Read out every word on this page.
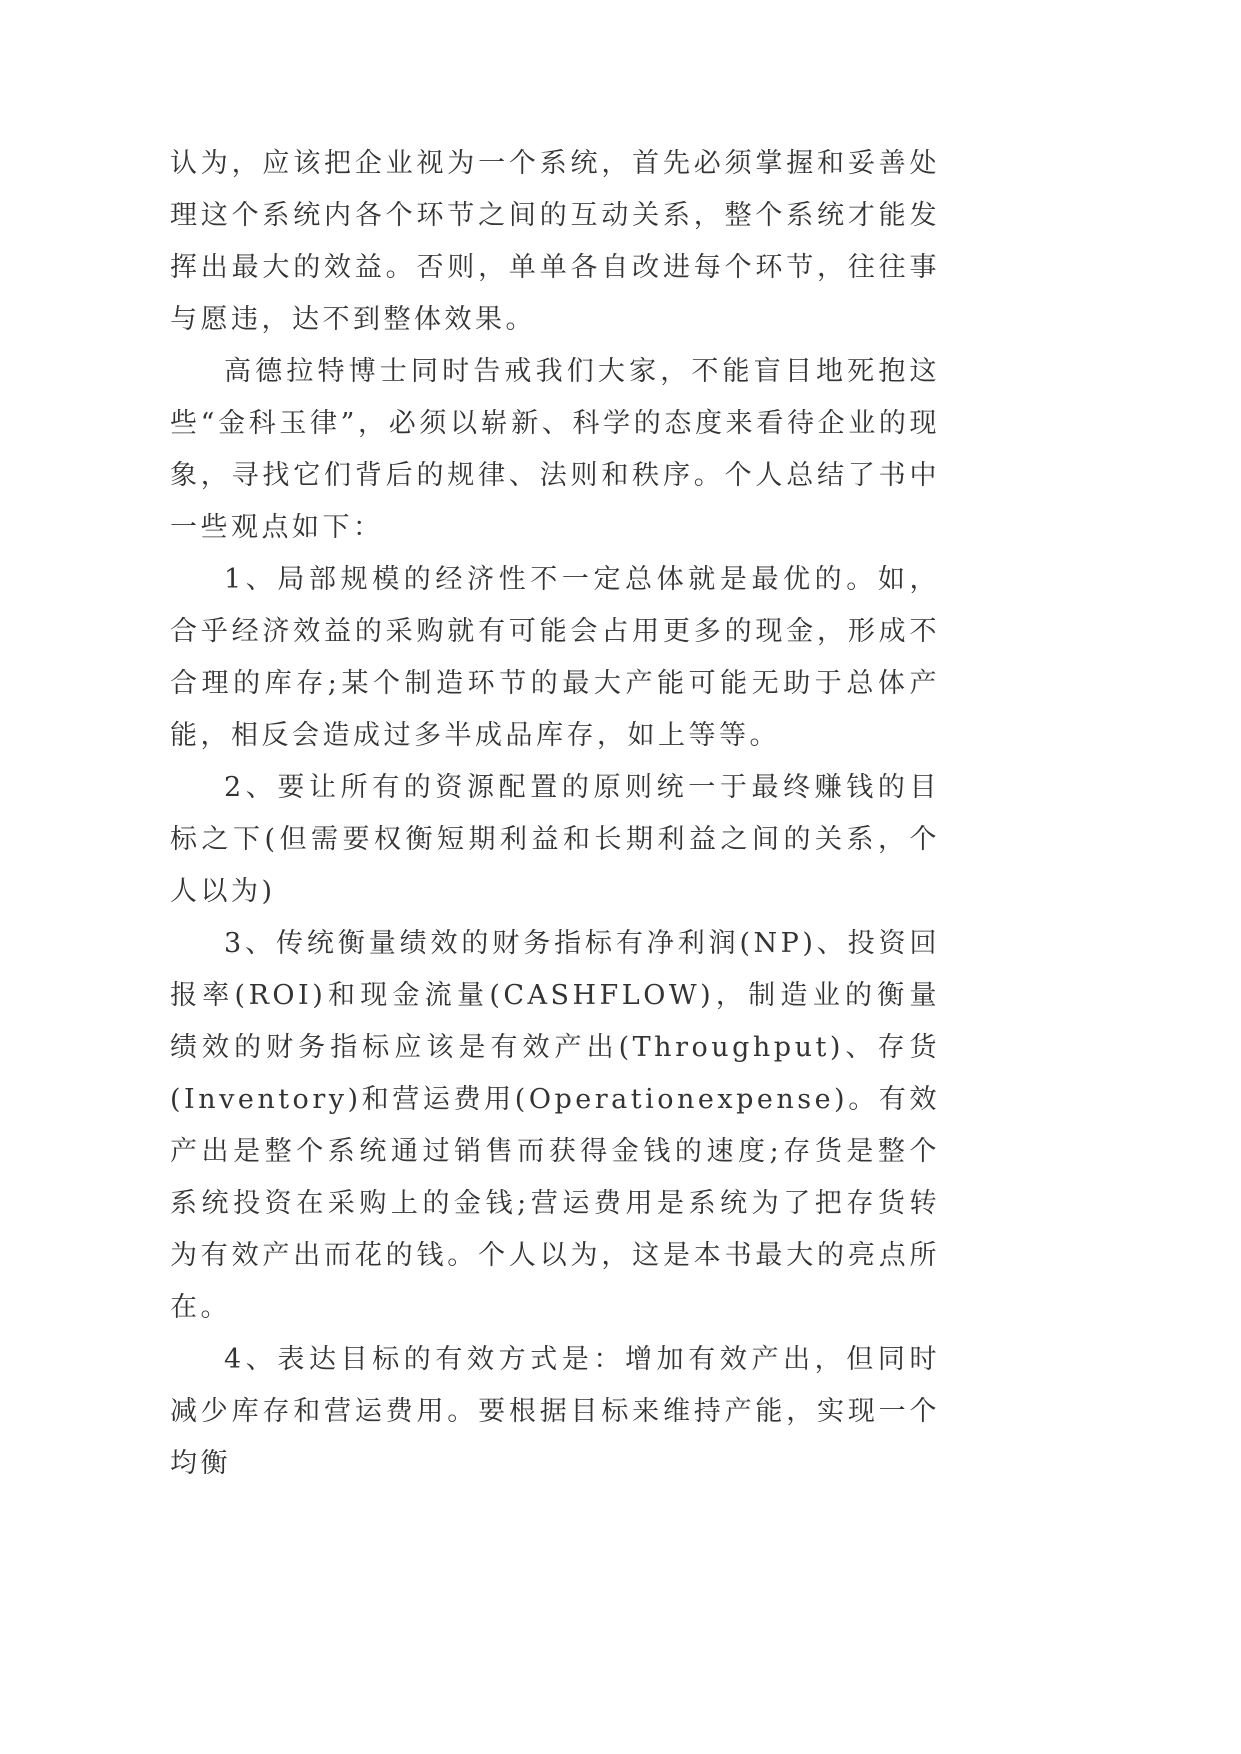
认为，应该把企业视为一个系统，首先必须掌握和妥善处理这个系统内各个环节之间的互动关系，整个系统才能发挥出最大的效益。否则，单单各自改进每个环节，往往事与愿违，达不到整体效果。

高德拉特博士同时告戒我们大家，不能盲目地死抱这些“金科玉律”，必须以崭新、科学的态度来看待企业的现象，寻找它们背后的规律、法则和秩序。个人总结了书中一些观点如下：

1、局部规模的经济性不一定总体就是最优的。如，合乎经济效益的采购就有可能会占用更多的现金，形成不合理的库存;某个制造环节的最大产能可能无助于总体产能，相反会造成过多半成品库存，如上等等。

2、要让所有的资源配置的原则统一于最终赚钱的目标之下(但需要权衡短期利益和长期利益之间的关系，个人以为)

3、传统衡量绩效的财务指标有净利润(NP)、投资回报率(ROI)和现金流量(CASHFLOW)，制造业的衡量绩效的财务指标应该是有效产出(Throughput)、存货(Inventory)和营运费用(Operationexpense)。有效产出是整个系统通过销售而获得金钱的速度;存货是整个系统投资在采购上的金钱;营运费用是系统为了把存货转为有效产出而花的钱。个人以为，这是本书最大的亮点所在。

4、表达目标的有效方式是：增加有效产出，但同时减少库存和营运费用。要根据目标来维持产能，实现一个均衡
